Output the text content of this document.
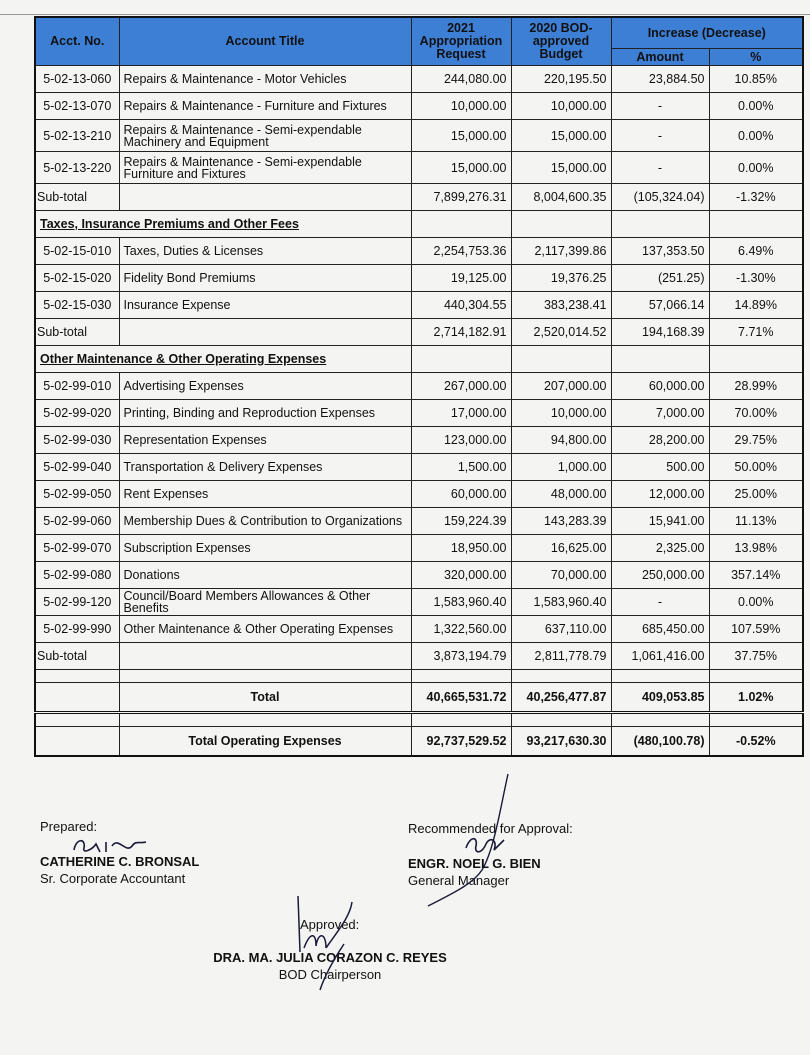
Acct. No.	Account Title	2021 Appropriation Request	2020 BOD-approved Budget	Increase (Decrease)	
				Amount	%
5-02-13-060	Repairs & Maintenance - Motor Vehicles	244,080.00	220,195.50	23,884.50	10.85%
5-02-13-070	Repairs & Maintenance - Furniture and Fixtures	10,000.00	10,000.00	-	0.00%
5-02-13-210	Repairs & Maintenance - Semi-expendable Machinery and Equipment	15,000.00	15,000.00	-	0.00%
5-02-13-220	Repairs & Maintenance - Semi-expendable Furniture and Fixtures	15,000.00	15,000.00	-	0.00%
Sub-total		7,899,276.31	8,004,600.35	(105,324.04)	-1.32%
Taxes, Insurance Premiums and Other Fees					
5-02-15-010	Taxes, Duties & Licenses	2,254,753.36	2,117,399.86	137,353.50	6.49%
5-02-15-020	Fidelity Bond Premiums	19,125.00	19,376.25	(251.25)	-1.30%
5-02-15-030	Insurance Expense	440,304.55	383,238.41	57,066.14	14.89%
Sub-total		2,714,182.91	2,520,014.52	194,168.39	7.71%
Other Maintenance & Other Operating Expenses					
5-02-99-010	Advertising Expenses	267,000.00	207,000.00	60,000.00	28.99%
5-02-99-020	Printing, Binding and Reproduction Expenses	17,000.00	10,000.00	7,000.00	70.00%
5-02-99-030	Representation Expenses	123,000.00	94,800.00	28,200.00	29.75%
5-02-99-040	Transportation & Delivery Expenses	1,500.00	1,000.00	500.00	50.00%
5-02-99-050	Rent Expenses	60,000.00	48,000.00	12,000.00	25.00%
5-02-99-060	Membership Dues & Contribution to Organizations	159,224.39	143,283.39	15,941.00	11.13%
5-02-99-070	Subscription Expenses	18,950.00	16,625.00	2,325.00	13.98%
5-02-99-080	Donations	320,000.00	70,000.00	250,000.00	357.14%
5-02-99-120	Council/Board Members Allowances & Other Benefits	1,583,960.40	1,583,960.40	-	0.00%
5-02-99-990	Other Maintenance & Other Operating Expenses	1,322,560.00	637,110.00	685,450.00	107.59%
Sub-total		3,873,194.79	2,811,778.79	1,061,416.00	37.75%

	Total	40,665,531.72	40,256,477.87	409,053.85	1.02%

	Total Operating Expenses	92,737,529.52	93,217,630.30	(480,100.78)	-0.52%
Prepared:
CATHERINE C. BRONSAL
Sr. Corporate Accountant
Recommended for Approval:
ENGR. NOEL G. BIEN
General Manager
Approved:
DRA. MA. JULIA CORAZON C. REYES
BOD Chairperson
